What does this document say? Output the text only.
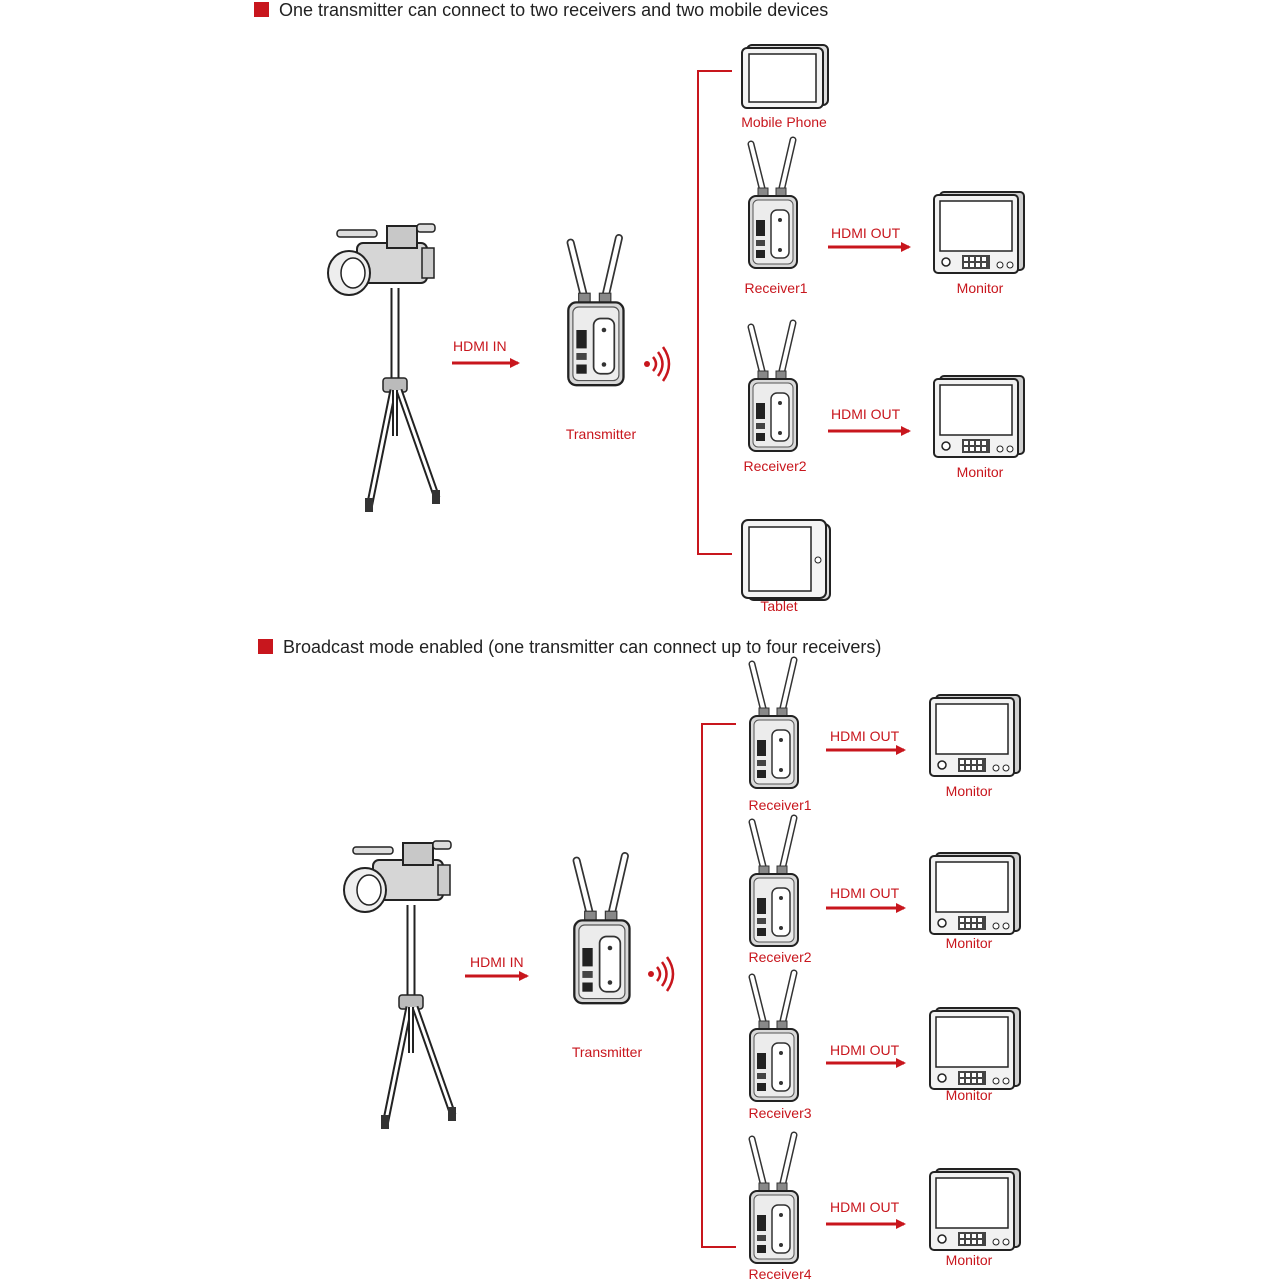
One transmitter can connect to two receivers and two mobile devices
HDMI IN
Transmitter
Mobile Phone
Receiver1
HDMI OUT
Monitor
Receiver2
HDMI OUT
Monitor
Tablet
Broadcast mode enabled (one transmitter can connect up to four receivers)
HDMI IN
Transmitter
Receiver1
HDMI OUT
Monitor
Receiver2
HDMI OUT
Monitor
Receiver3
HDMI OUT
Monitor
Receiver4
HDMI OUT
Monitor
